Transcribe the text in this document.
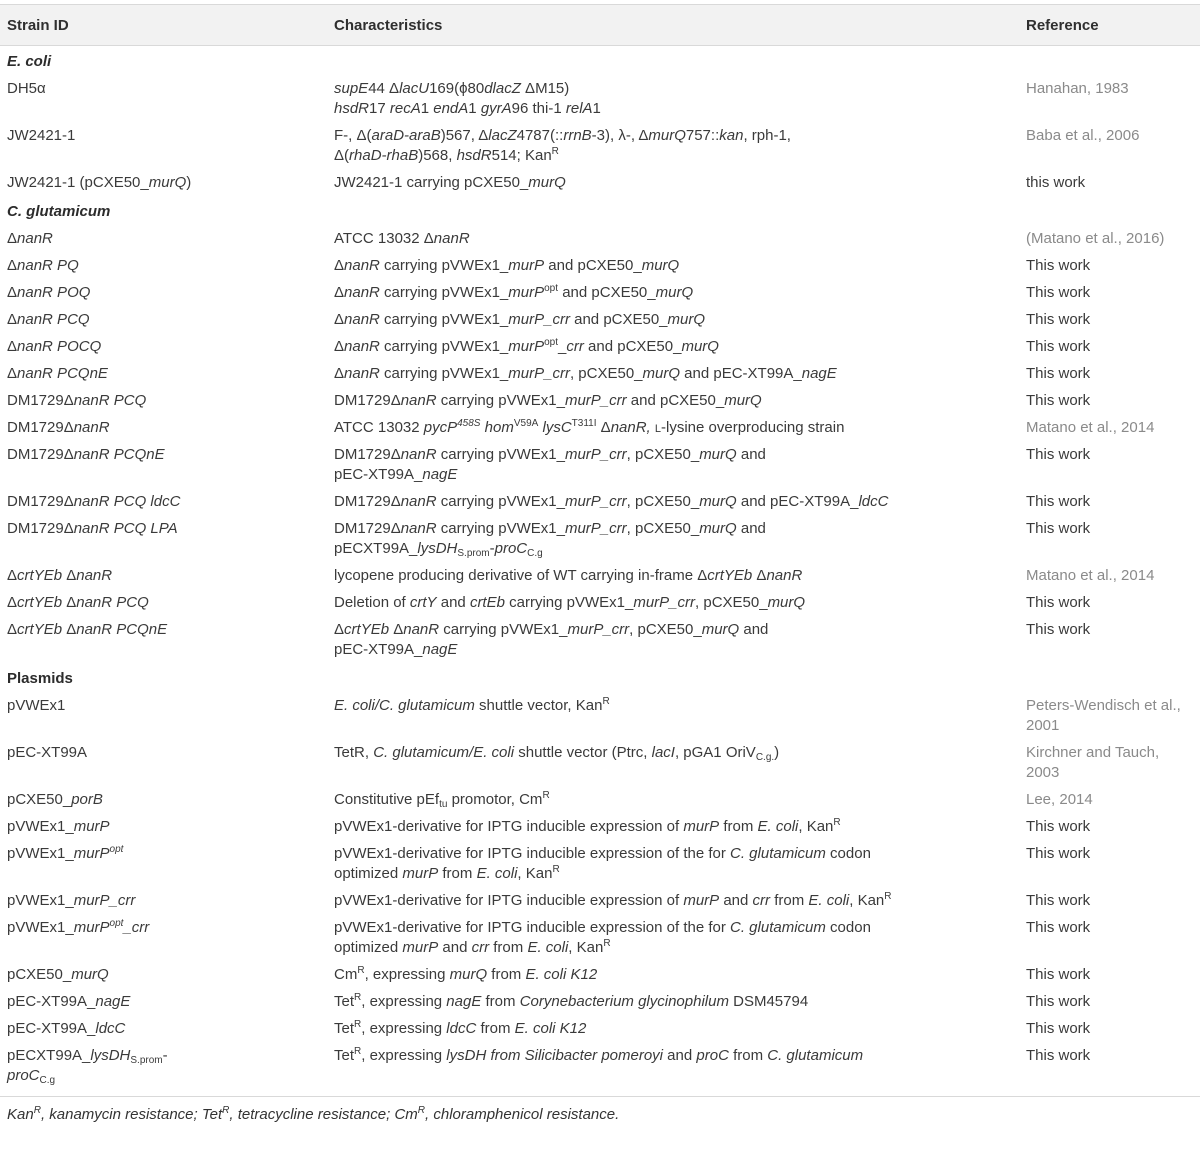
Strain ID	Characteristics	Reference
E. coli		
DH5α	supE44 ΔlacU169(ϕ80dlacZ ΔM15)
hsdR17 recA1 endA1 gyrA96 thi-1 relA1	Hanahan, 1983
JW2421-1	F-, Δ(araD-araB)567, ΔlacZ4787(::rrnB-3), λ-, ΔmurQ757::kan, rph-1,
Δ(rhaD-rhaB)568, hsdR514; Kan$^R$	Baba et al., 2006
JW2421-1 (pCXE50_murQ)	JW2421-1 carrying pCXE50_murQ	this work
C. glutamicum		
ΔnanR	ATCC 13032 ΔnanR	(Matano et al., 2016)
ΔnanR PQ	ΔnanR carrying pVWEx1_murP and pCXE50_murQ	This work
ΔnanR POQ	ΔnanR carrying pVWEx1_murP$^{opt}$ and pCXE50_murQ	This work
ΔnanR PCQ	ΔnanR carrying pVWEx1_murP_crr and pCXE50_murQ	This work
ΔnanR POCQ	ΔnanR carrying pVWEx1_murP$^{opt}$_crr and pCXE50_murQ	This work
ΔnanR PCQnE	ΔnanR carrying pVWEx1_murP_crr, pCXE50_murQ and pEC-XT99A_nagE	This work
DM1729ΔnanR PCQ	DM1729ΔnanR carrying pVWEx1_murP_crr and pCXE50_murQ	This work
DM1729ΔnanR	ATCC 13032 pycP$^{458S}$ hom$^{V59A}$ lysC$^{T311I}$ ΔnanR, l-lysine overproducing strain	Matano et al., 2014
DM1729ΔnanR PCQnE	DM1729ΔnanR carrying pVWEx1_murP_crr, pCXE50_murQ and
pEC-XT99A_nagE	This work
DM1729ΔnanR PCQ ldcC	DM1729ΔnanR carrying pVWEx1_murP_crr, pCXE50_murQ and pEC-XT99A_ldcC	This work
DM1729ΔnanR PCQ LPA	DM1729ΔnanR carrying pVWEx1_murP_crr, pCXE50_murQ and
pECXT99A_lysDH$_{S.prom}$-proC$_{C.g}$	This work
ΔcrtYEb ΔnanR	lycopene producing derivative of WT carrying in-frame ΔcrtYEb ΔnanR	Matano et al., 2014
ΔcrtYEb ΔnanR PCQ	Deletion of crtY and crtEb carrying pVWEx1_murP_crr, pCXE50_murQ	This work
ΔcrtYEb ΔnanR PCQnE	ΔcrtYEb ΔnanR carrying pVWEx1_murP_crr, pCXE50_murQ and
pEC-XT99A_nagE	This work
Plasmids		
pVWEx1	E. coli/C. glutamicum shuttle vector, Kan$^R$	Peters-Wendisch et al.,
2001
pEC-XT99A	TetR, C. glutamicum/E. coli shuttle vector (Ptrc, lacI, pGA1 OriV$_{C.g.}$)	Kirchner and Tauch,
2003
pCXE50_porB	Constitutive pEf$_{tu}$ promotor, $Cm^R$	Lee, 2014
pVWEx1_murP	pVWEx1-derivative for IPTG inducible expression of murP from E. coli, Kan$^R$	This work
pVWEx1_murP$^{opt}$	pVWEx1-derivative for IPTG inducible expression of the for C. glutamicum codon
optimized murP from E. coli, Kan$^R$	This work
pVWEx1_murP_crr	pVWEx1-derivative for IPTG inducible expression of murP and crr from E. coli, Kan$^R$	This work
pVWEx1_murP$^{opt}$_crr	pVWEx1-derivative for IPTG inducible expression of the for C. glutamicum codon
optimized murP and crr from E. coli, Kan$^R$	This work
pCXE50_murQ	$Cm^R$, expressing murQ from E. coli K12	This work
pEC-XT99A_nagE	Tet$^R$, expressing nagE from Corynebacterium glycinophilum DSM45794	This work
pEC-XT99A_ldcC	Tet$^R$, expressing ldcC from E. coli K12	This work
pECXT99A_lysDH$_{S.prom}$-
proC$_{C.g}$	Tet$^R$, expressing lysDH from Silicibacter pomeroyi and proC from C. glutamicum	This work
Kan$^R$, kanamycin resistance; Tet$^R$, tetracycline resistance; $Cm^R$, chloramphenicol resistance.
